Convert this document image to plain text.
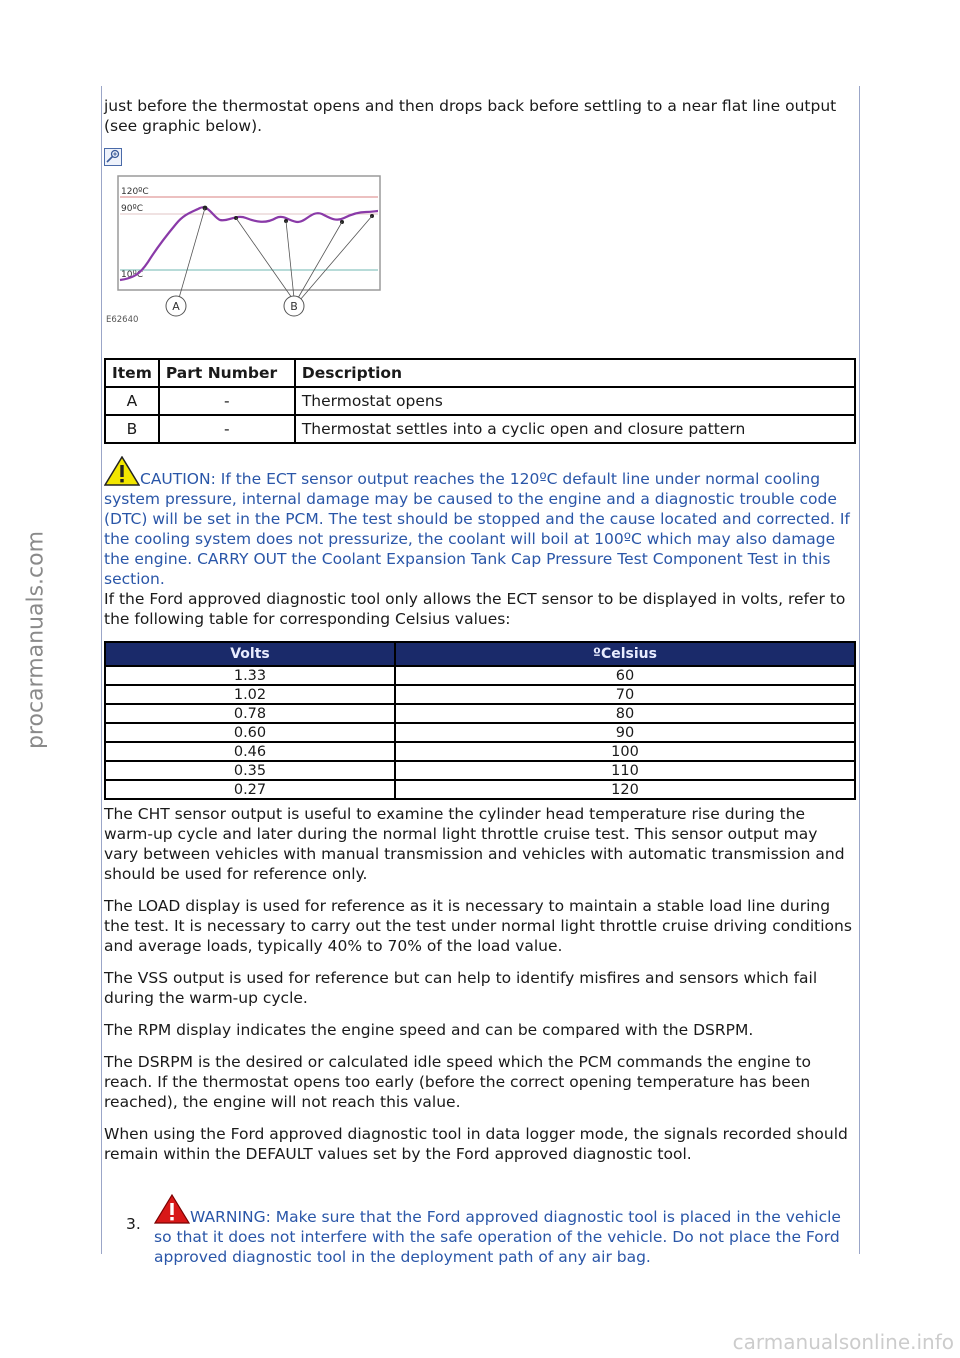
procarmanuals.com

just before the thermostat opens and then drops back before settling to a near flat line output (see graphic below).

120ºC
90ºC
10ºC
A	B
E62640
Item	Part Number	Description
A	-	Thermostat opens
B	-	Thermostat settles into a cyclic open and closure pattern
CAUTION: If the ECT sensor output reaches the 120ºC default line under normal cooling system pressure, internal damage may be caused to the engine and a diagnostic trouble code (DTC) will be set in the PCM. The test should be stopped and the cause located and corrected. If the cooling system does not pressurize, the coolant will boil at 100ºC which may also damage the engine. CARRY OUT the Coolant Expansion Tank Cap Pressure Test Component Test in this section.

If the Ford approved diagnostic tool only allows the ECT sensor to be displayed in volts, refer to the following table for corresponding Celsius values:

Volts	ºCelsius
1.33	60
1.02	70
0.78	80
0.60	90
0.46	100
0.35	110
0.27	120

The CHT sensor output is useful to examine the cylinder head temperature rise during the warm-up cycle and later during the normal light throttle cruise test. This sensor output may vary between vehicles with manual transmission and vehicles with automatic transmission and should be used for reference only.

The LOAD display is used for reference as it is necessary to maintain a stable load line during the test. It is necessary to carry out the test under normal light throttle cruise driving conditions and average loads, typically 40% to 70% of the load value.

The VSS output is used for reference but can help to identify misfires and sensors which fail during the warm-up cycle.

The RPM display indicates the engine speed and can be compared with the DSRPM.

The DSRPM is the desired or calculated idle speed which the PCM commands the engine to reach. If the thermostat opens too early (before the correct opening temperature has been reached), the engine will not reach this value.

When using the Ford approved diagnostic tool in data logger mode, the signals recorded should remain within the DEFAULT values set by the Ford approved diagnostic tool.

3.	WARNING: Make sure that the Ford approved diagnostic tool is placed in the vehicle so that it does not interfere with the safe operation of the vehicle. Do not place the Ford approved diagnostic tool in the deployment path of any air bag.
carmanualsonline.info
